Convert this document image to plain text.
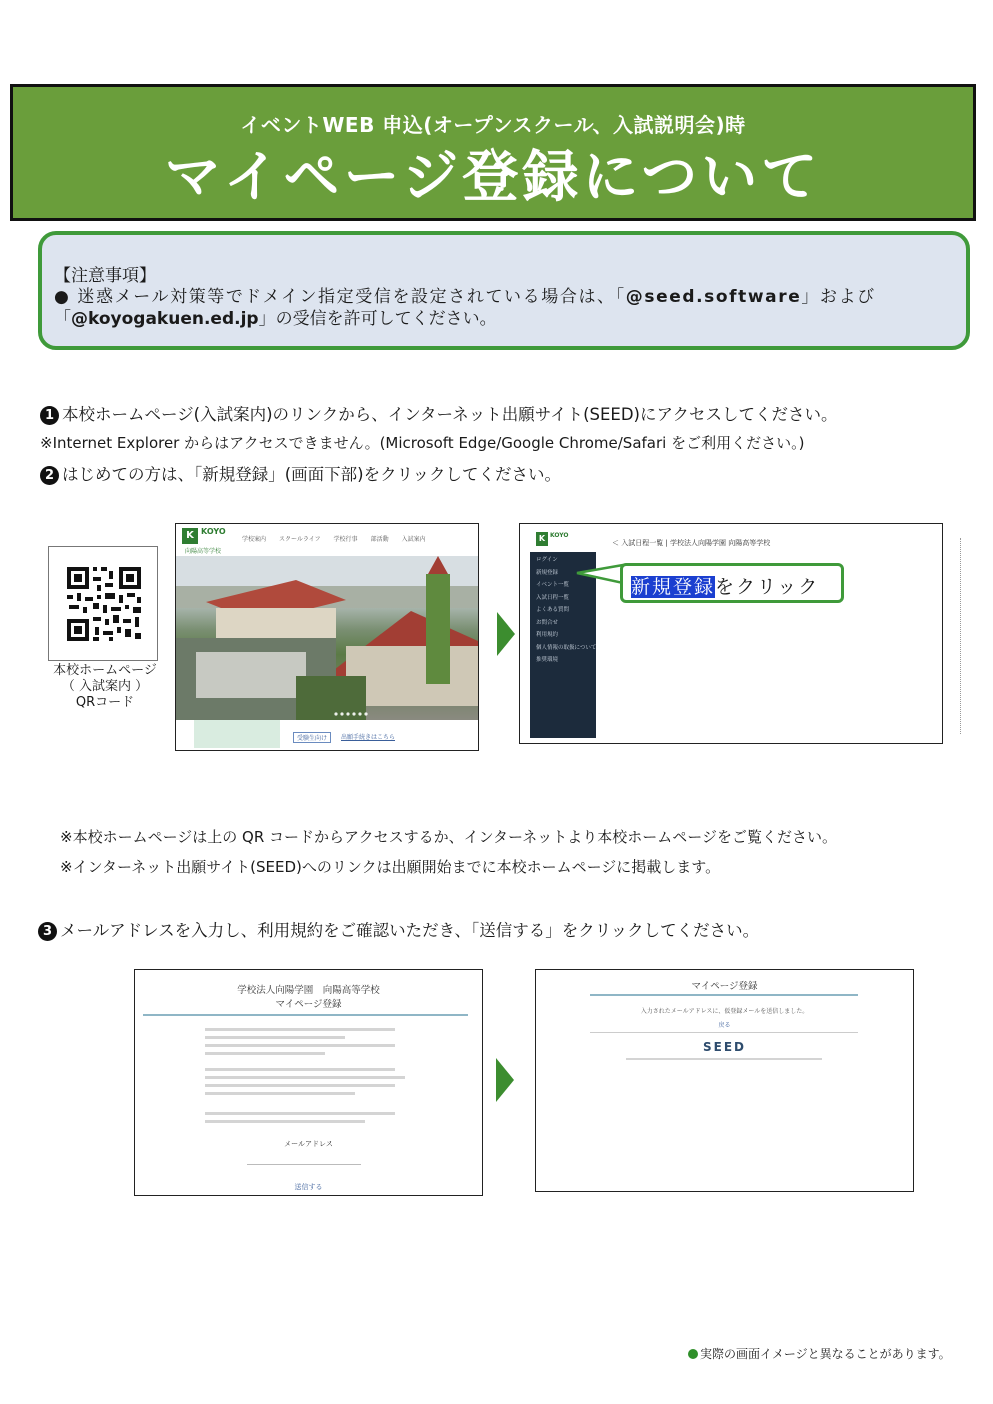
イベントWEB 申込(オープンスクール、入試説明会)時
マイページ登録について
【注意事項】
● 迷惑メール対策等でドメイン指定受信を設定されている場合は、「@seed.software」および
「@koyogakuen.ed.jp」の受信を許可してください。
1 本校ホームページ(入試案内)のリンクから、インターネット出願サイト(SEED)にアクセスしてください。
※Internet Explorer からはアクセスできません。(Microsoft Edge/Google Chrome/Safari をご利用ください。)
2 はじめての方は、「新規登録」(画面下部)をクリックしてください。
本校ホームページ
（ 入試案内 ）
QRコード
K KOYO
向陽高等学校
学校案内 スクールライフ 学校行事 部活動 入試案内
受験生向け	出願手続きはこちら
K KOYO
＜ 入試日程一覧 | 学校法人向陽学園 向陽高等学校
ログイン
新規登録
イベント一覧
入試日程一覧
よくある質問
お問合せ
利用規約
個人情報の取扱について
推奨環境
新規登録をクリック
※本校ホームページは上の QR コードからアクセスするか、インターネットより本校ホームページをご覧ください。
※インターネット出願サイト(SEED)へのリンクは出願開始までに本校ホームページに掲載します。
3 メールアドレスを入力し、利用規約をご確認いただき、「送信する」をクリックしてください。
学校法人向陽学園　向陽高等学校
マイページ登録
メールアドレス
送信する
マイページ登録
入力されたメールアドレスに、仮登録メールを送信しました。
戻る
SEED
実際の画面イメージと異なることがあります。
